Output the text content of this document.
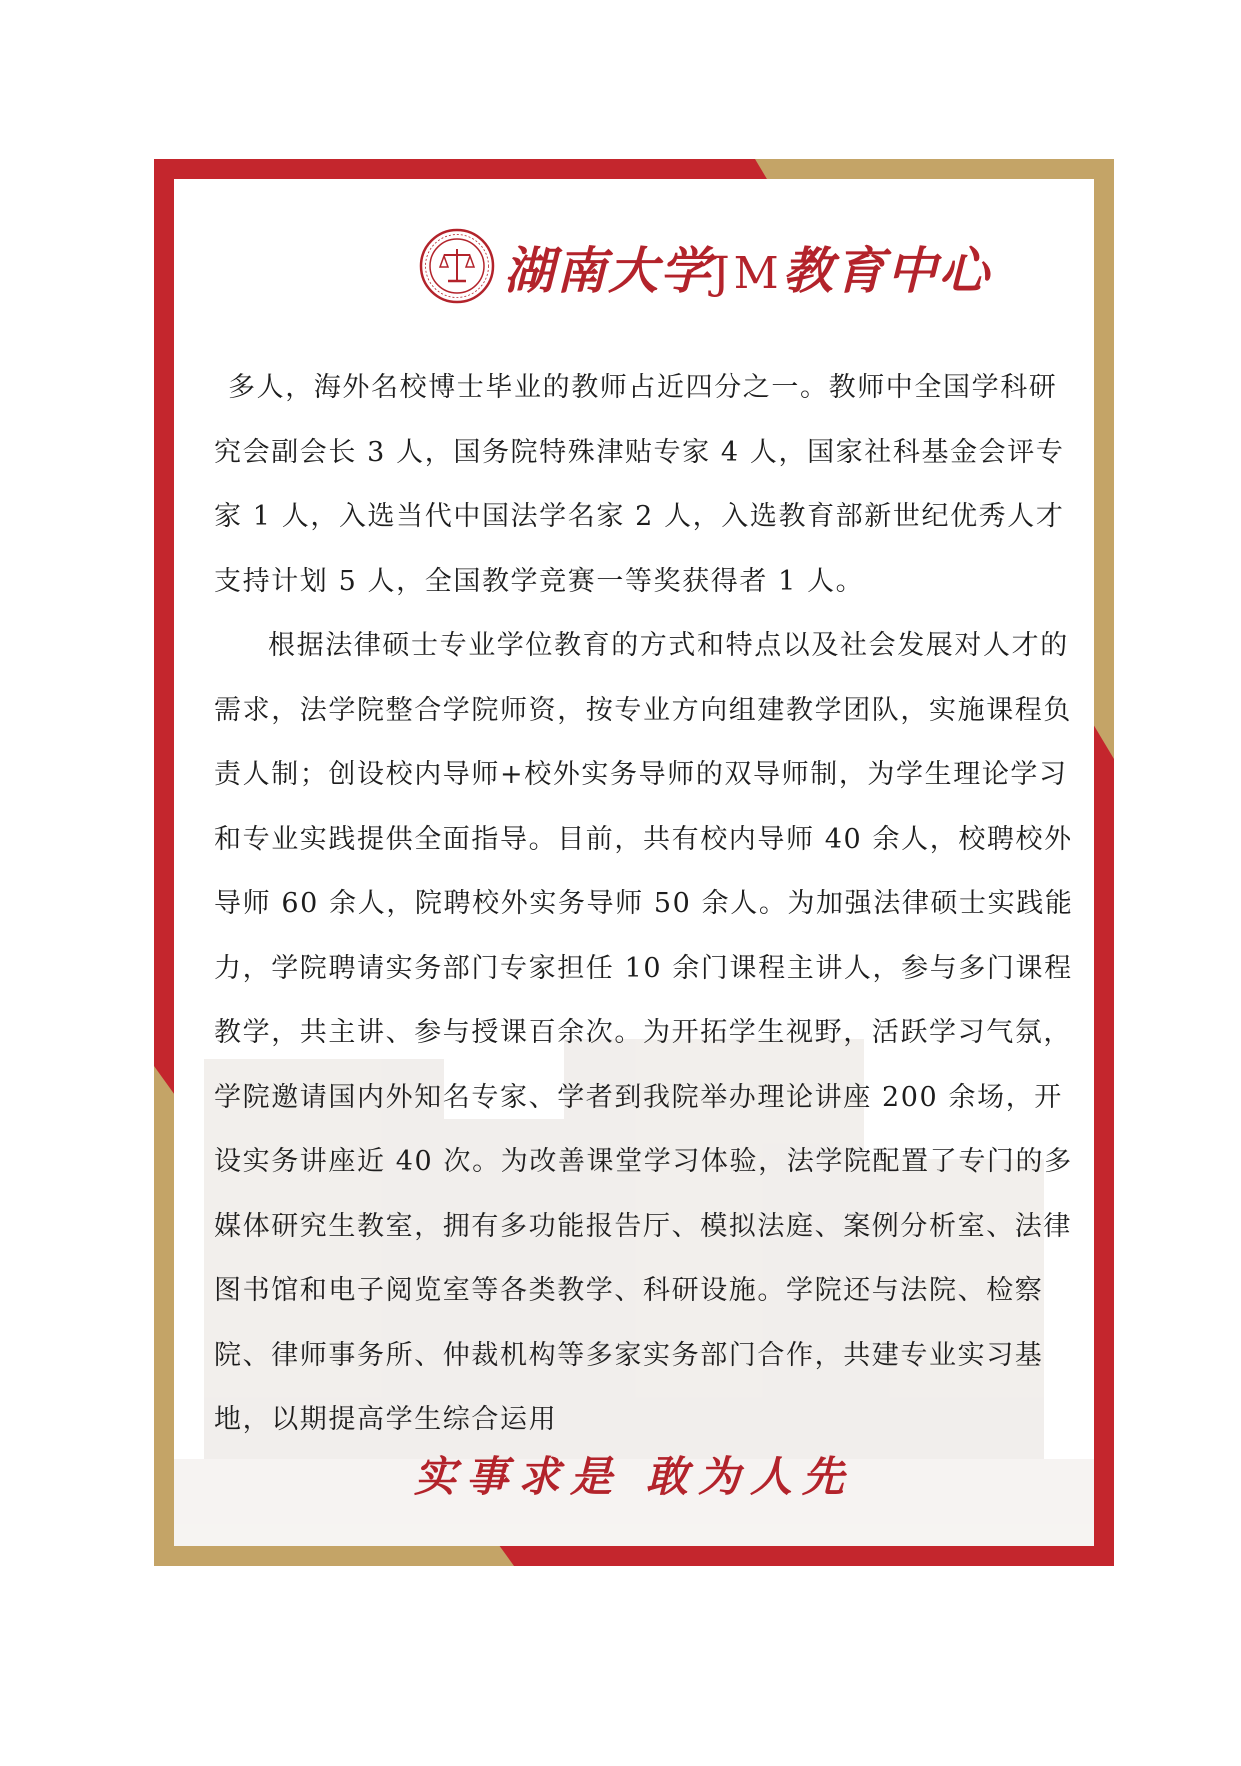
湖南大学JM教育中心

多人，海外名校博士毕业的教师占近四分之一。教师中全国学科研究会副会长 3 人，国务院特殊津贴专家 4 人，国家社科基金会评专家 1 人，入选当代中国法学名家 2 人，入选教育部新世纪优秀人才支持计划 5 人，全国教学竞赛一等奖获得者 1 人。

根据法律硕士专业学位教育的方式和特点以及社会发展对人才的需求，法学院整合学院师资，按专业方向组建教学团队，实施课程负责人制；创设校内导师+校外实务导师的双导师制，为学生理论学习和专业实践提供全面指导。目前，共有校内导师 40 余人，校聘校外导师 60 余人，院聘校外实务导师 50 余人。为加强法律硕士实践能力，学院聘请实务部门专家担任 10 余门课程主讲人，参与多门课程教学，共主讲、参与授课百余次。为开拓学生视野，活跃学习气氛，学院邀请国内外知名专家、学者到我院举办理论讲座 200 余场，开设实务讲座近 40 次。为改善课堂学习体验，法学院配置了专门的多媒体研究生教室，拥有多功能报告厅、模拟法庭、案例分析室、法律图书馆和电子阅览室等各类教学、科研设施。学院还与法院、检察院、律师事务所、仲裁机构等多家实务部门合作，共建专业实习基地，以期提高学生综合运用

实事求是 敢为人先
